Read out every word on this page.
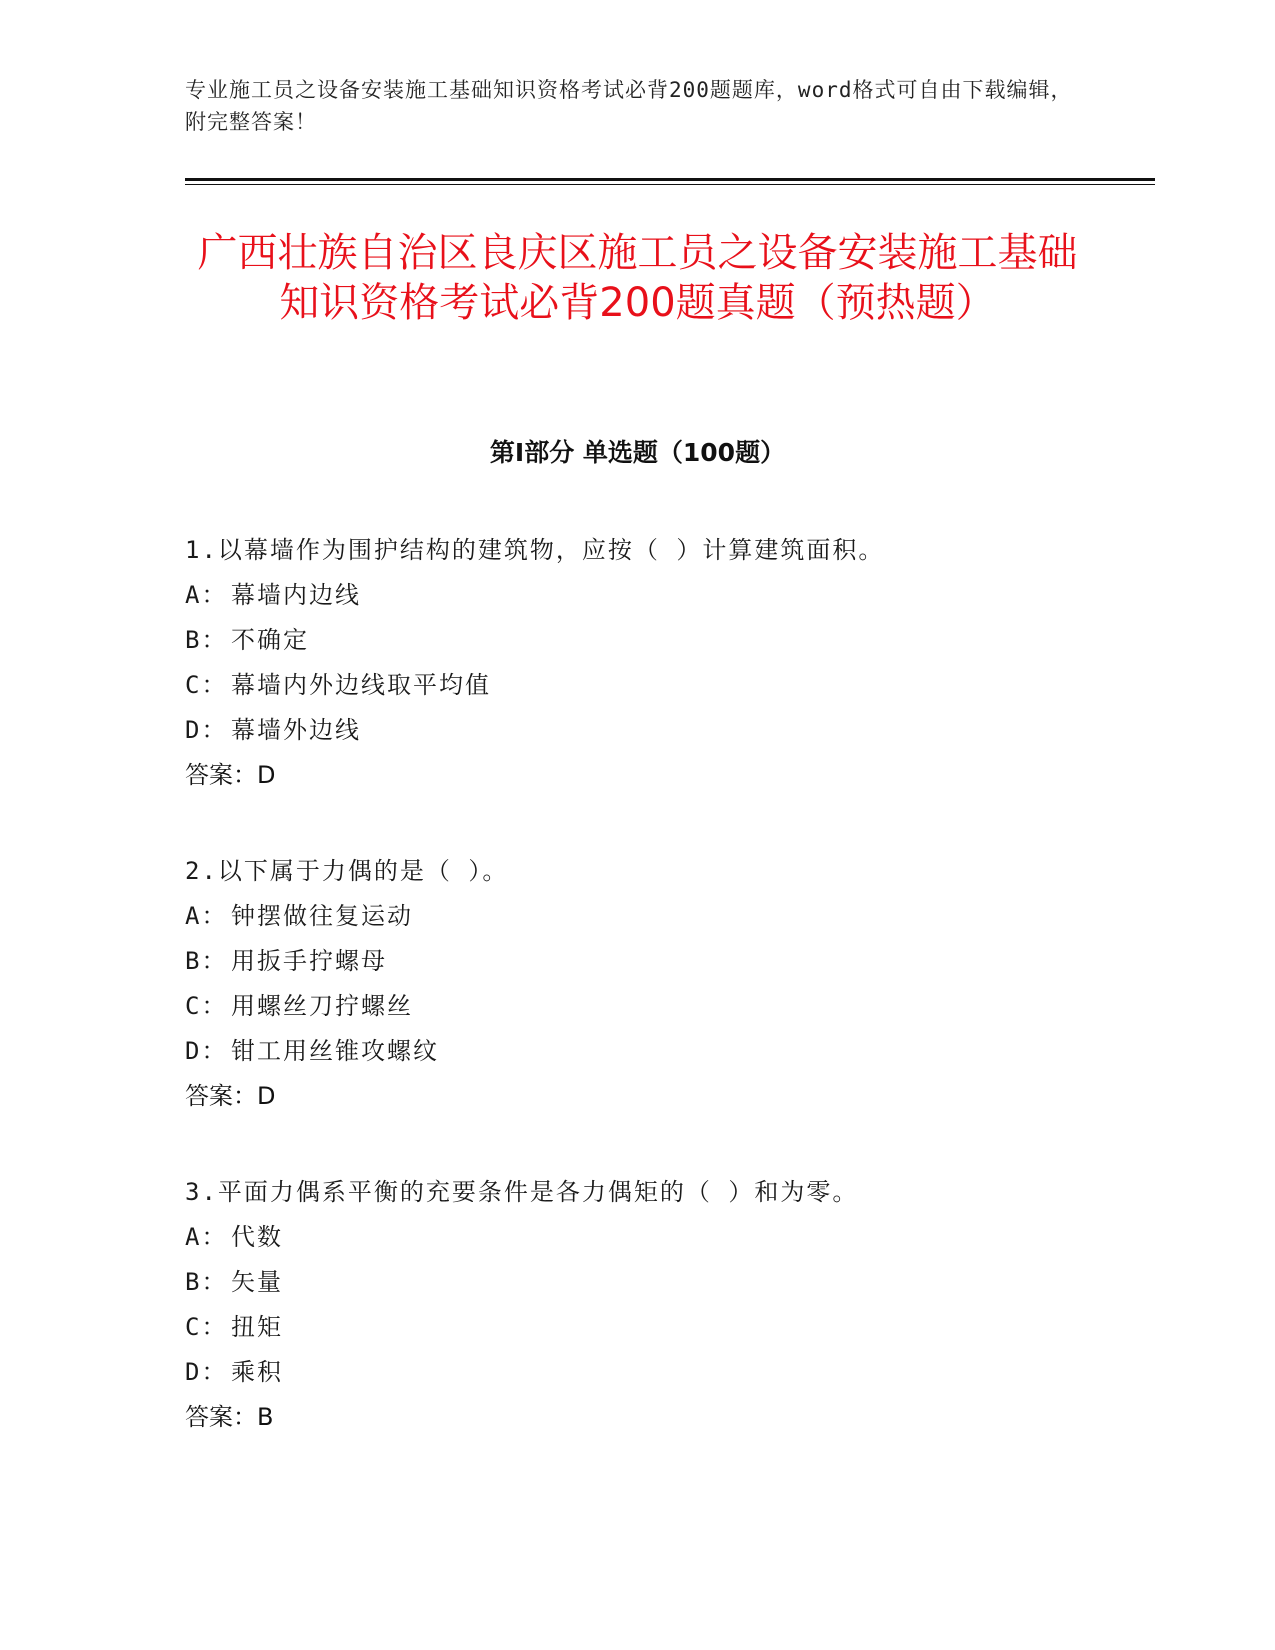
专业施工员之设备安装施工基础知识资格考试必背200题题库，word格式可自由下载编辑，附完整答案！
广西壮族自治区良庆区施工员之设备安装施工基础知识资格考试必背200题真题（预热题）
第Ⅰ部分 单选题（100题）
1.以幕墙作为围护结构的建筑物，应按（ ）计算建筑面积。
A： 幕墙内边线
B： 不确定
C： 幕墙内外边线取平均值
D： 幕墙外边线
答案：D
2.以下属于力偶的是（ ）。
A： 钟摆做往复运动
B： 用扳手拧螺母
C： 用螺丝刀拧螺丝
D： 钳工用丝锥攻螺纹
答案：D
3.平面力偶系平衡的充要条件是各力偶矩的（ ）和为零。
A： 代数
B： 矢量
C： 扭矩
D： 乘积
答案：B
